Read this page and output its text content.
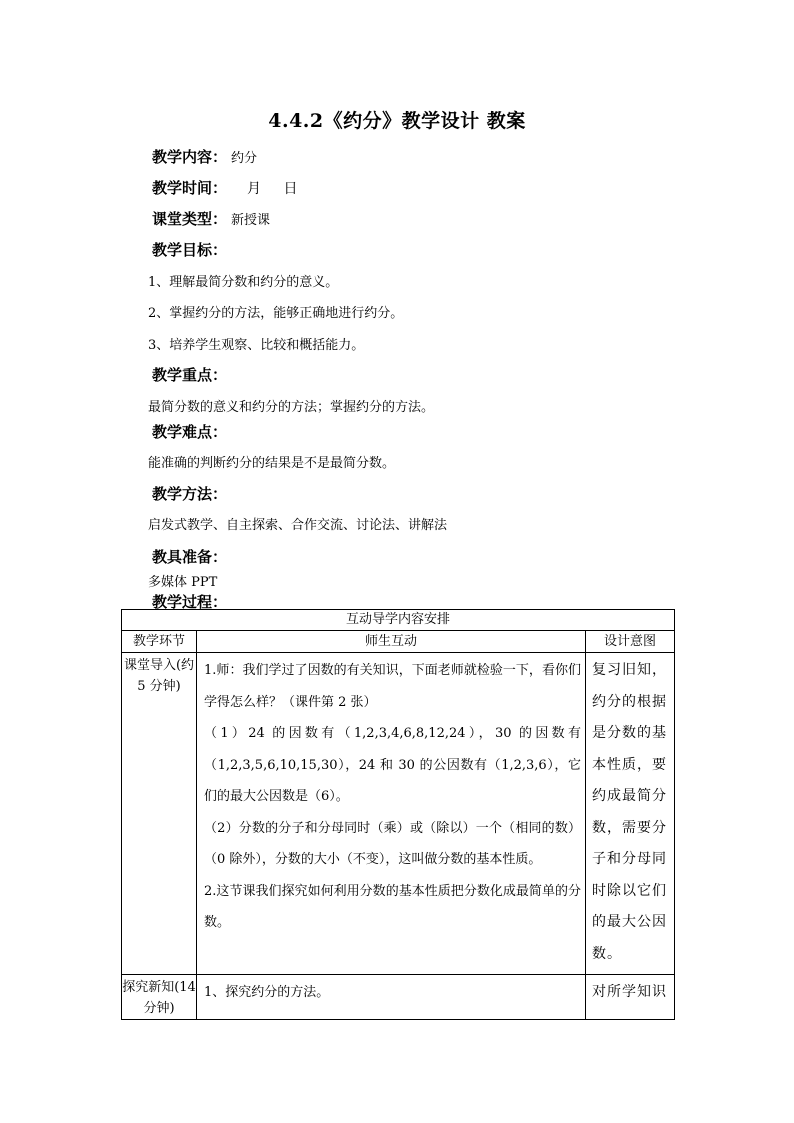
4.4.2《约分》教学设计 教案
教学内容： 约分
教学时间： 月 日
课堂类型： 新授课
教学目标：
1、理解最简分数和约分的意义。
2、掌握约分的方法，能够正确地进行约分。
3、培养学生观察、比较和概括能力。
教学重点：
最简分数的意义和约分的方法；掌握约分的方法。
教学难点：
能准确的判断约分的结果是不是最简分数。
教学方法：
启发式教学、自主探索、合作交流、讨论法、讲解法
教具准备：
多媒体 PPT
教学过程：
互动导学内容安排		
教学环节	师生互动	设计意图
课堂导入(约 5 分钟)	1.师：我们学过了因数的有关知识，下面老师就检验一下，看你们学得怎么样？（课件第 2 张）

（1）24 的因数有（1,2,3,4,6,8,12,24），30 的因数有（1,2,3,5,6,10,15,30），24 和 30 的公因数有（1,2,3,6），它们的最大公因数是（6）。

（2）分数的分子和分母同时（乘）或（除以）一个（相同的数）（0 除外），分数的大小（不变），这叫做分数的基本性质。

2.这节课我们探究如何利用分数的基本性质把分数化成最简单的分数。	复习旧知，约分的根据是分数的基本性质，要约成最简分数，需要分子和分母同时除以它们的最大公因数。
探究新知(14 分钟)	1、探究约分的方法。	对所学知识
